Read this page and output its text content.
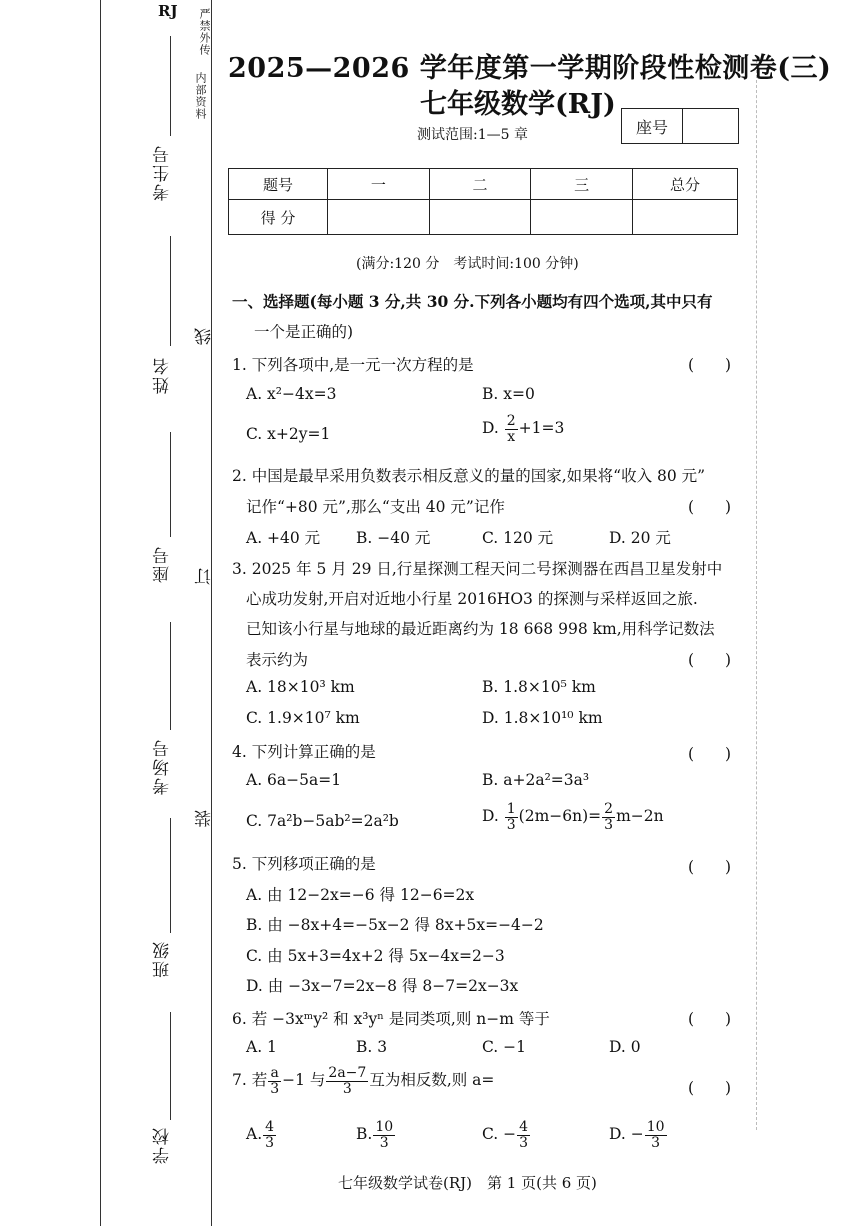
RJ 严禁外传
内部资料
考生号
姓名
座号
考场号
班级
学校
线
订
装
2025—2026 学年度第一学期阶段性检测卷(三)
七年级数学(RJ)
测试范围:1—5 章	座号
题号	一	二	三	总分
得 分				
(满分:120 分　考试时间:100 分钟)
一、选择题(每小题 3 分,共 30 分.下列各小题均有四个选项,其中只有
一个是正确的)
1. 下列各项中,是一元一次方程的是	(　　)
A. x²−4x=3	B. x=0
C. x+2y=1	D. $\frac{2}{x} +1=3$
2. 中国是最早采用负数表示相反意义的量的国家,如果将“收入 80 元”
记作“+80 元”,那么“支出 40 元”记作	(　　)
A. +40 元 B. −40 元	C. 120 元	D. 20 元
3. 2025 年 5 月 29 日,行星探测工程天问二号探测器在西昌卫星发射中
心成功发射,开启对近地小行星 2016HO3 的探测与采样返回之旅.
已知该小行星与地球的最近距离约为 18 668 998 km,用科学记数法
表示约为	(　　)
A. 18×10³ km	B. 1.8×10⁵ km
C. 1.9×10⁷ km	D. 1.8×10¹⁰ km
4. 下列计算正确的是	(　　)
A. 6a−5a=1	B. a+2a²=3a³
C. 7a²b−5ab²=2a²b	D. $\frac{1}{3} (2m-6n)= \frac{2}{3} m-2n$
5. 下列移项正确的是	(　　)
A. 由 12−2x=−6 得 12−6=2x
B. 由 −8x+4=−5x−2 得 8x+5x=−4−2
C. 由 5x+3=4x+2 得 5x−4x=2−3
D. 由 −3x−7=2x−8 得 8−7=2x−3x
6. 若 −3xᵐy² 和 x³yⁿ 是同类项,则 n−m 等于	(　　)
A. 1	B. 3	C. −1	D. 0
7. 若 $\frac{a}{3} -1$ 与 $\frac{2a-7}{3}$ 互为相反数,则 a=	(　　)
A. $\frac{4}{3}$	B. $\frac{10}{3}$	C. − $\frac{4}{3}$	D. − $\frac{10}{3}$
七年级数学试卷(RJ)　第 1 页(共 6 页)
